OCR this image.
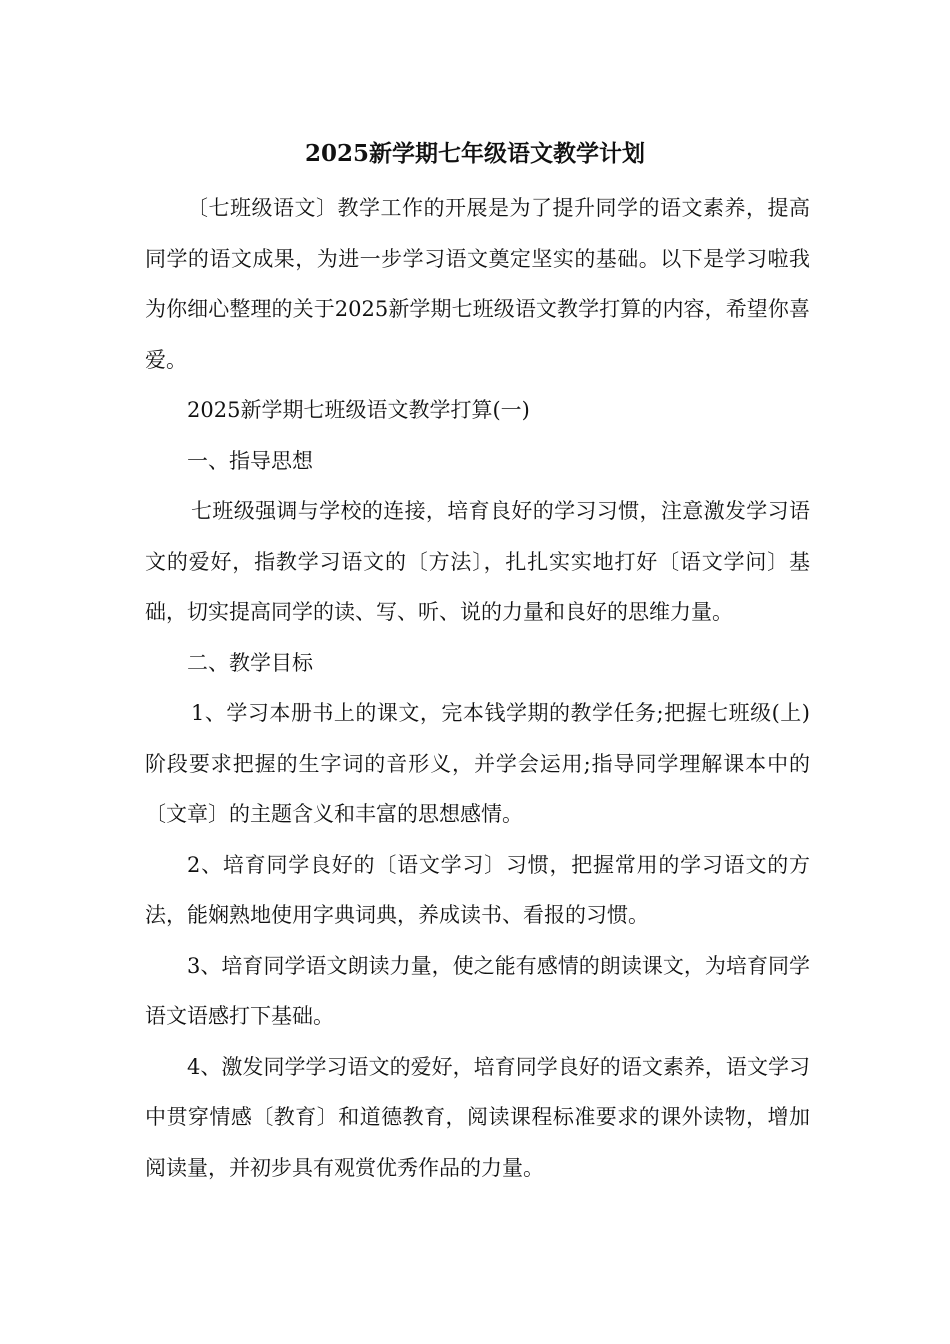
2025新学期七年级语文教学计划

〔七班级语文〕教学工作的开展是为了提升同学的语文素养，提高同学的语文成果，为进一步学习语文奠定坚实的基础。以下是学习啦我为你细心整理的关于2025新学期七班级语文教学打算的内容，希望你喜爱。

2025新学期七班级语文教学打算(一)

一、指导思想

七班级强调与学校的连接，培育良好的学习习惯，注意激发学习语文的爱好，指教学习语文的〔方法〕，扎扎实实地打好〔语文学问〕基础，切实提高同学的读、写、听、说的力量和良好的思维力量。

二、教学目标

1、学习本册书上的课文，完本钱学期的教学任务;把握七班级(上)阶段要求把握的生字词的音形义，并学会运用;指导同学理解课本中的〔文章〕的主题含义和丰富的思想感情。

2、培育同学良好的〔语文学习〕习惯，把握常用的学习语文的方法，能娴熟地使用字典词典，养成读书、看报的习惯。

3、培育同学语文朗读力量，使之能有感情的朗读课文，为培育同学语文语感打下基础。

4、激发同学学习语文的爱好，培育同学良好的语文素养，语文学习中贯穿情感〔教育〕和道德教育，阅读课程标准要求的课外读物，增加阅读量，并初步具有观赏优秀作品的力量。
